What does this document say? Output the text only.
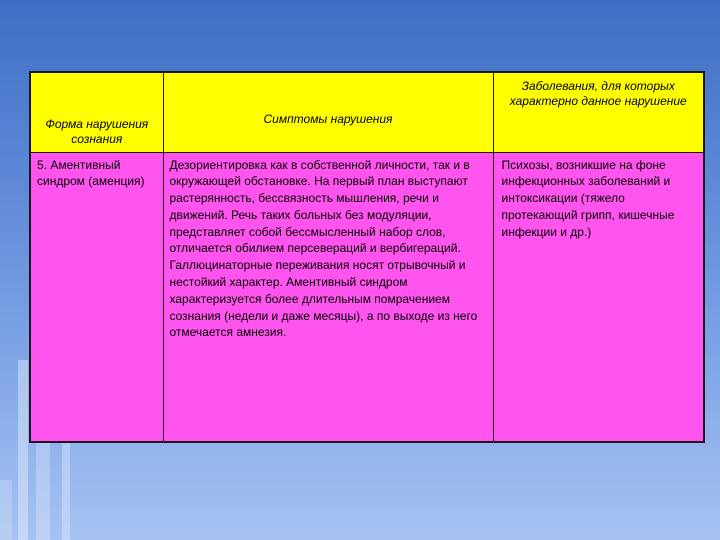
Форма нарушения сознания	Симптомы нарушения	Заболевания, для которых характерно данное нарушение

5. Аментивный синдром (аменция)	Дезориентировка как в собственной личности, так и в окружающей обстановке. На первый план выступают растерянность, бессвязность мышления, речи и движений. Речь таких больных без модуляции, представляет собой бессмысленный набор слов, отличается обилием персевераций и вербигераций. Галлюцинаторные переживания носят отрывочный и нестойкий характер. Аментивный синдром характеризуется более длительным помрачением сознания (недели и даже месяцы), а по выходе из него отмечается амнезия.	Психозы, возникшие на фоне инфекционных заболеваний и интоксикации (тяжело протекающий грипп, кишечные инфекции и др.)
